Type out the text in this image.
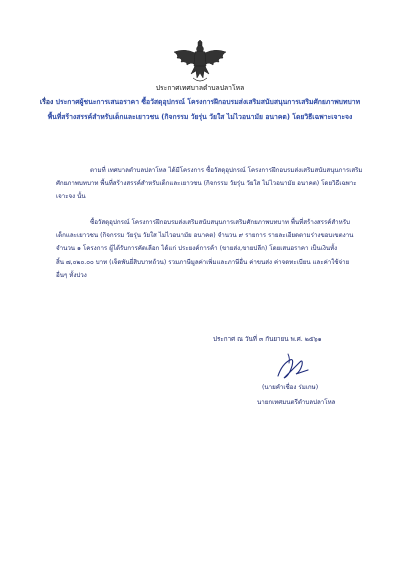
ประกาศเทศบาลตำบลปลาโหล
เรื่อง ประกาศผู้ชนะการเสนอราคา ซื้อวัสดุอุปกรณ์ โครงการฝึกอบรมส่งเสริมสนับสนุนการเสริมศักยภาพบทบาท
พื้นที่สร้างสรรค์สำหรับเด็กและเยาวชน (กิจกรรม วัยรุ่น วัยใส ไม่ไวอนามัย อนาคต) โดยวิธีเฉพาะเจาะจง
ตามที่ เทศบาลตำบลปลาโหล ได้มีโครงการ ซื้อวัสดุอุปกรณ์ โครงการฝึกอบรมส่งเสริมสนับสนุนการเสริม
ศักยภาพบทบาท พื้นที่สร้างสรรค์สำหรับเด็กและเยาวชน (กิจกรรม วัยรุ่น วัยใส ไม่ไวอนามัย อนาคต) โดยวิธีเฉพาะ
เจาะจง นั้น
ซื้อวัสดุอุปกรณ์ โครงการฝึกอบรมส่งเสริมสนับสนุนการเสริมศักยภาพบทบาท พื้นที่สร้างสรรค์สำหรับ
เด็กและเยาวชน (กิจกรรม วัยรุ่น วัยใส ไม่ไวอนามัย อนาคต) จำนวน ๙ รายการ รายละเอียดตามร่างขอบเขตงาน
จำนวน ๑ โครงการ ผู้ได้รับการคัดเลือก ได้แก่ ประยงค์การค้า (ขายส่ง,ขายปลีก) โดยเสนอราคา เป็นเงินทั้ง
สิ้น ๗,๐๒๐.๐๐ บาท (เจ็ดพันยี่สิบบาทถ้วน) รวมภาษีมูลค่าเพิ่มและภาษีอื่น ค่าขนส่ง ค่าจดทะเบียน และค่าใช้จ่าย
อื่นๆ ทั้งปวง
ประกาศ ณ วันที่ ๓ กันยายน พ.ศ. ๒๕๖๑
(นายคำเชื่อง ร่มเกษ)
นายกเทศมนตรีตำบลปลาโหล
